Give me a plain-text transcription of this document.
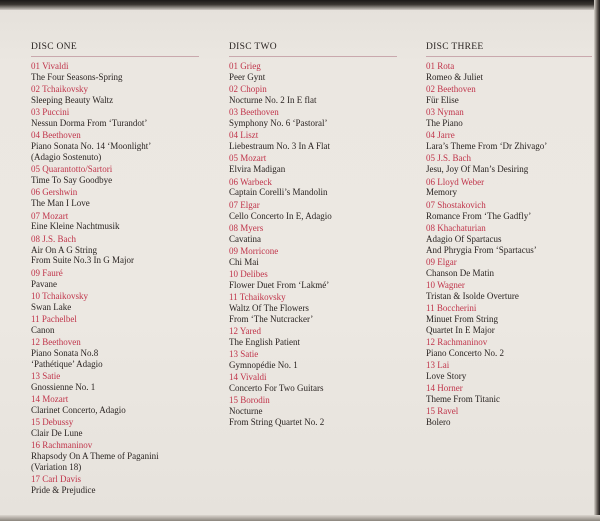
DISC ONE	DISC TWO	DISC THREE

01 Vivaldi
The Four Seasons-Spring

02 Tchaikovsky
Sleeping Beauty Waltz

03 Puccini
Nessun Dorma From ‘Turandot’

04 Beethoven
Piano Sonata No. 14 ‘Moonlight’
(Adagio Sostenuto)

05 Quarantotto/Sartori
Time To Say Goodbye

06 Gershwin
The Man I Love

07 Mozart
Eine Kleine Nachtmusik

08 J.S. Bach
Air On A G String
From Suite No.3 In G Major

09 Fauré
Pavane

10 Tchaikovsky
Swan Lake

11 Pachelbel
Canon

12 Beethoven
Piano Sonata No.8
‘Pathétique’ Adagio

13 Satie
Gnossienne No. 1

14 Mozart
Clarinet Concerto, Adagio

15 Debussy
Clair De Lune

16 Rachmaninov
Rhapsody On A Theme of Paganini
(Variation 18)

17 Carl Davis
Pride & Prejudice

01 Grieg
Peer Gynt

02 Chopin
Nocturne No. 2 In E flat

03 Beethoven
Symphony No. 6 ‘Pastoral’

04 Liszt
Liebestraum No. 3 In A Flat

05 Mozart
Elvira Madigan

06 Warbeck
Captain Corelli’s Mandolin

07 Elgar
Cello Concerto In E, Adagio

08 Myers
Cavatina

09 Morricone
Chi Mai

10 Delibes
Flower Duet From ‘Lakmé’

11 Tchaikovsky
Waltz Of The Flowers
From ‘The Nutcracker’

12 Yared
The English Patient

13 Satie
Gymnopédie No. 1

14 Vivaldi
Concerto For Two Guitars

15 Borodin
Nocturne
From String Quartet No. 2

01 Rota
Romeo & Juliet

02 Beethoven
Für Elise

03 Nyman
The Piano

04 Jarre
Lara’s Theme From ‘Dr Zhivago’

05 J.S. Bach
Jesu, Joy Of Man’s Desiring

06 Lloyd Weber
Memory

07 Shostakovich
Romance From ‘The Gadfly’

08 Khachaturian
Adagio Of Spartacus
And Phrygia From ‘Spartacus’

09 Elgar
Chanson De Matin

10 Wagner
Tristan & Isolde Overture

11 Boccherini
Minuet From String
Quartet In E Major

12 Rachmaninov
Piano Concerto No. 2

13 Lai
Love Story

14 Horner
Theme From Titanic

15 Ravel
Bolero
